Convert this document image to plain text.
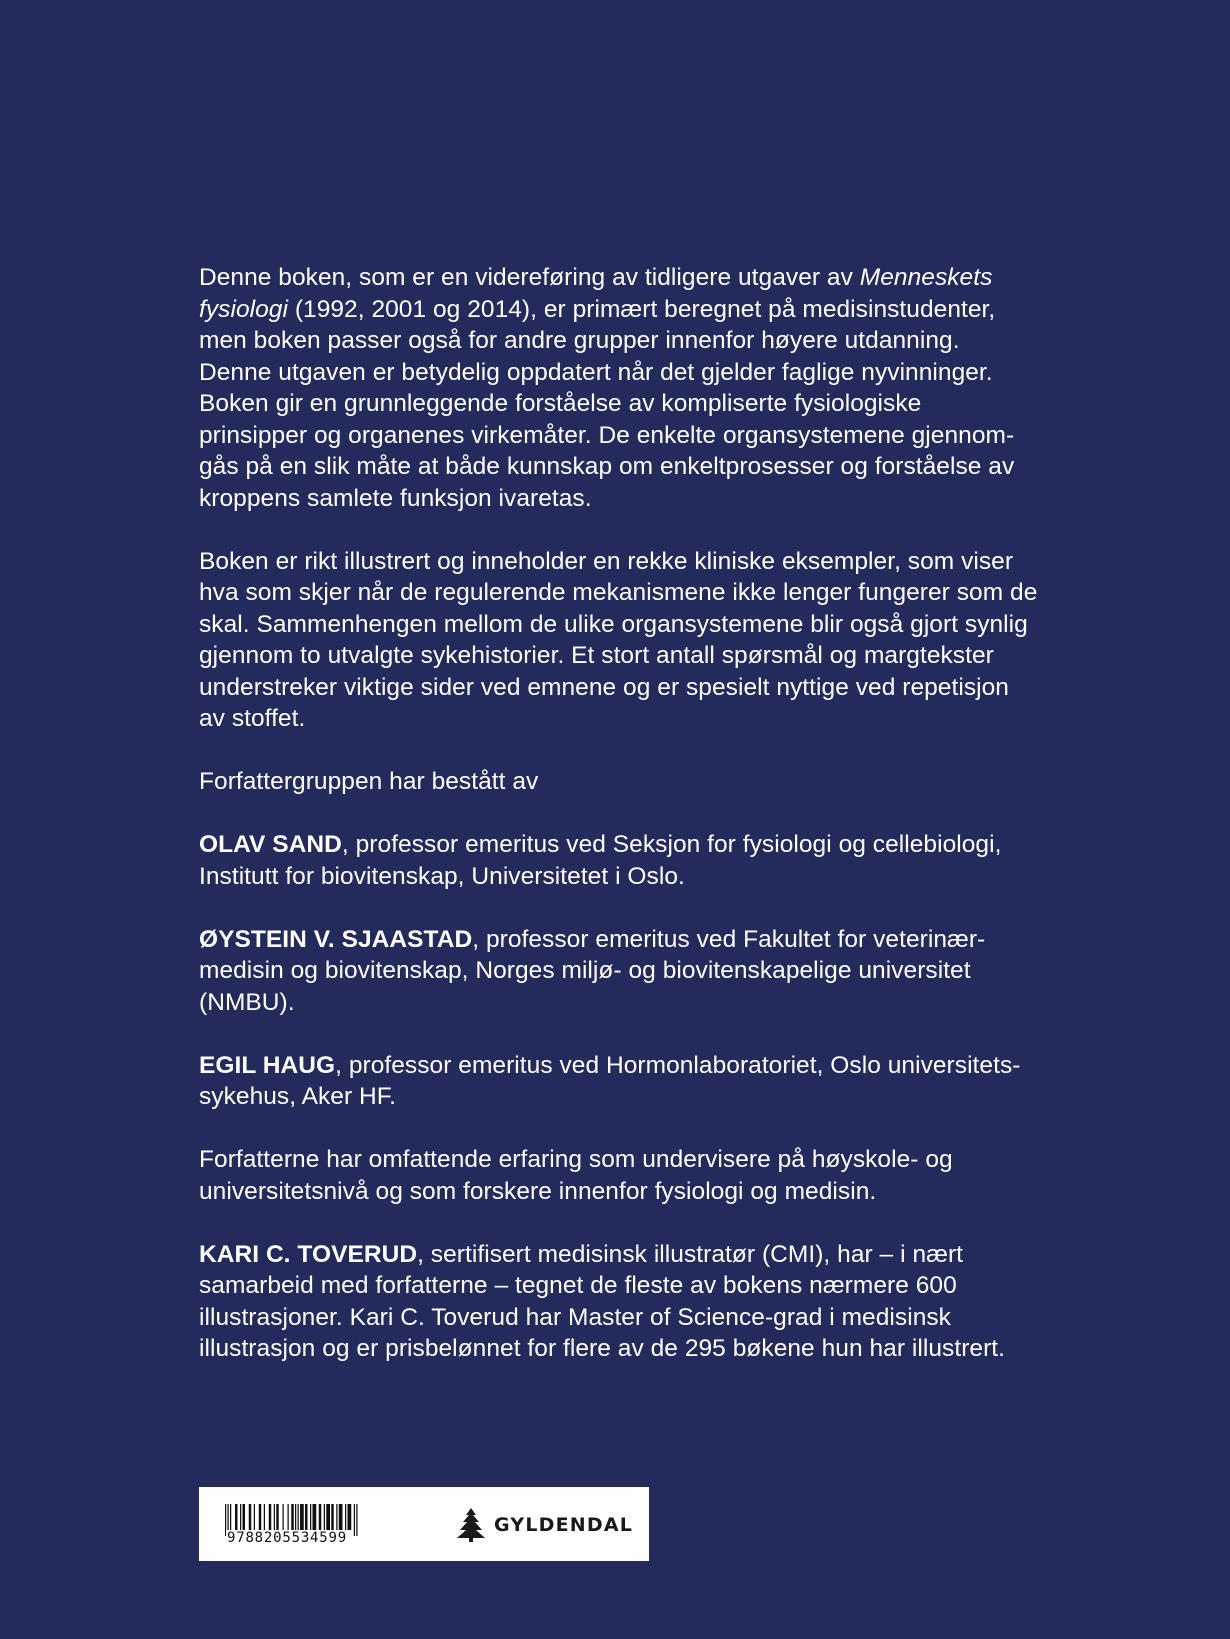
Denne boken, som er en videreføring av tidligere utgaver av Menneskets
fysiologi (1992, 2001 og 2014), er primært beregnet på medisinstudenter,
men boken passer også for andre grupper innenfor høyere utdanning.
Denne utgaven er betydelig oppdatert når det gjelder faglige nyvinninger.
Boken gir en grunnleggende forståelse av kompliserte fysiologiske
prinsipper og organenes virkemåter. De enkelte organsystemene gjennom-
gås på en slik måte at både kunnskap om enkeltprosesser og forståelse av
kroppens samlete funksjon ivaretas.

Boken er rikt illustrert og inneholder en rekke kliniske eksempler, som viser
hva som skjer når de regulerende mekanismene ikke lenger fungerer som de
skal. Sammenhengen mellom de ulike organsystemene blir også gjort synlig
gjennom to utvalgte sykehistorier. Et stort antall spørsmål og margtekster
understreker viktige sider ved emnene og er spesielt nyttige ved repetisjon
av stoffet.

Forfattergruppen har bestått av

OLAV SAND, professor emeritus ved Seksjon for fysiologi og cellebiologi,
Institutt for biovitenskap, Universitetet i Oslo.

ØYSTEIN V. SJAASTAD, professor emeritus ved Fakultet for veterinær-
medisin og biovitenskap, Norges miljø- og biovitenskapelige universitet
(NMBU).

EGIL HAUG, professor emeritus ved Hormonlaboratoriet, Oslo universitets-
sykehus, Aker HF.

Forfatterne har omfattende erfaring som undervisere på høyskole- og
universitetsnivå og som forskere innenfor fysiologi og medisin.

KARI C. TOVERUD, sertifisert medisinsk illustratør (CMI), har – i nært
samarbeid med forfatterne – tegnet de fleste av bokens nærmere 600
illustrasjoner. Kari C. Toverud har Master of Science-grad i medisinsk
illustrasjon og er prisbelønnet for flere av de 295 bøkene hun har illustrert.

9788205534599
GYLDENDAL
